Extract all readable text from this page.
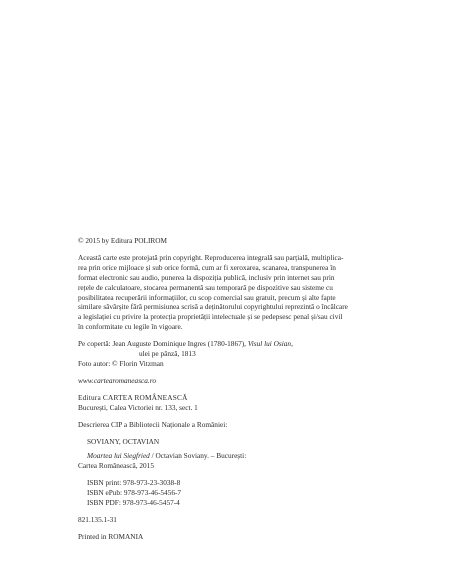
© 2015 by Editura POLIROM
Această carte este protejată prin copyright. Reproducerea integrală sau parțială, multiplica-
rea prin orice mijloace și sub orice formă, cum ar fi xeroxarea, scanarea, transpunerea în
format electronic sau audio, punerea la dispoziția publică, inclusiv prin internet sau prin
rețele de calculatoare, stocarea permanentă sau temporară pe dispozitive sau sisteme cu
posibilitatea recuperării informațiilor, cu scop comercial sau gratuit, precum și alte fapte
similare săvârșite fără permisiunea scrisă a deținătorului copyrightului reprezintă o încălcare
a legislației cu privire la protecția proprietății intelectuale și se pedepsesc penal și/sau civil
în conformitate cu legile în vigoare.
Pe copertă: Jean Auguste Dominique Ingres (1780-1867), Visul lui Osian,
ulei pe pânză, 1813
Foto autor: © Florin Vitzman
www.cartearomaneasca.ro
Editura CARTEA ROMÂNEASCĂ
București, Calea Victoriei nr. 133, sect. 1
Descrierea CIP a Bibliotecii Naționale a României:
SOVIANY, OCTAVIAN
Moartea lui Siegfried / Octavian Soviany. – București:
Cartea Românească, 2015
ISBN print: 978-973-23-3038-8
ISBN ePub: 978-973-46-5456-7
ISBN PDF: 978-973-46-5457-4
821.135.1-31
Printed in ROMANIA
